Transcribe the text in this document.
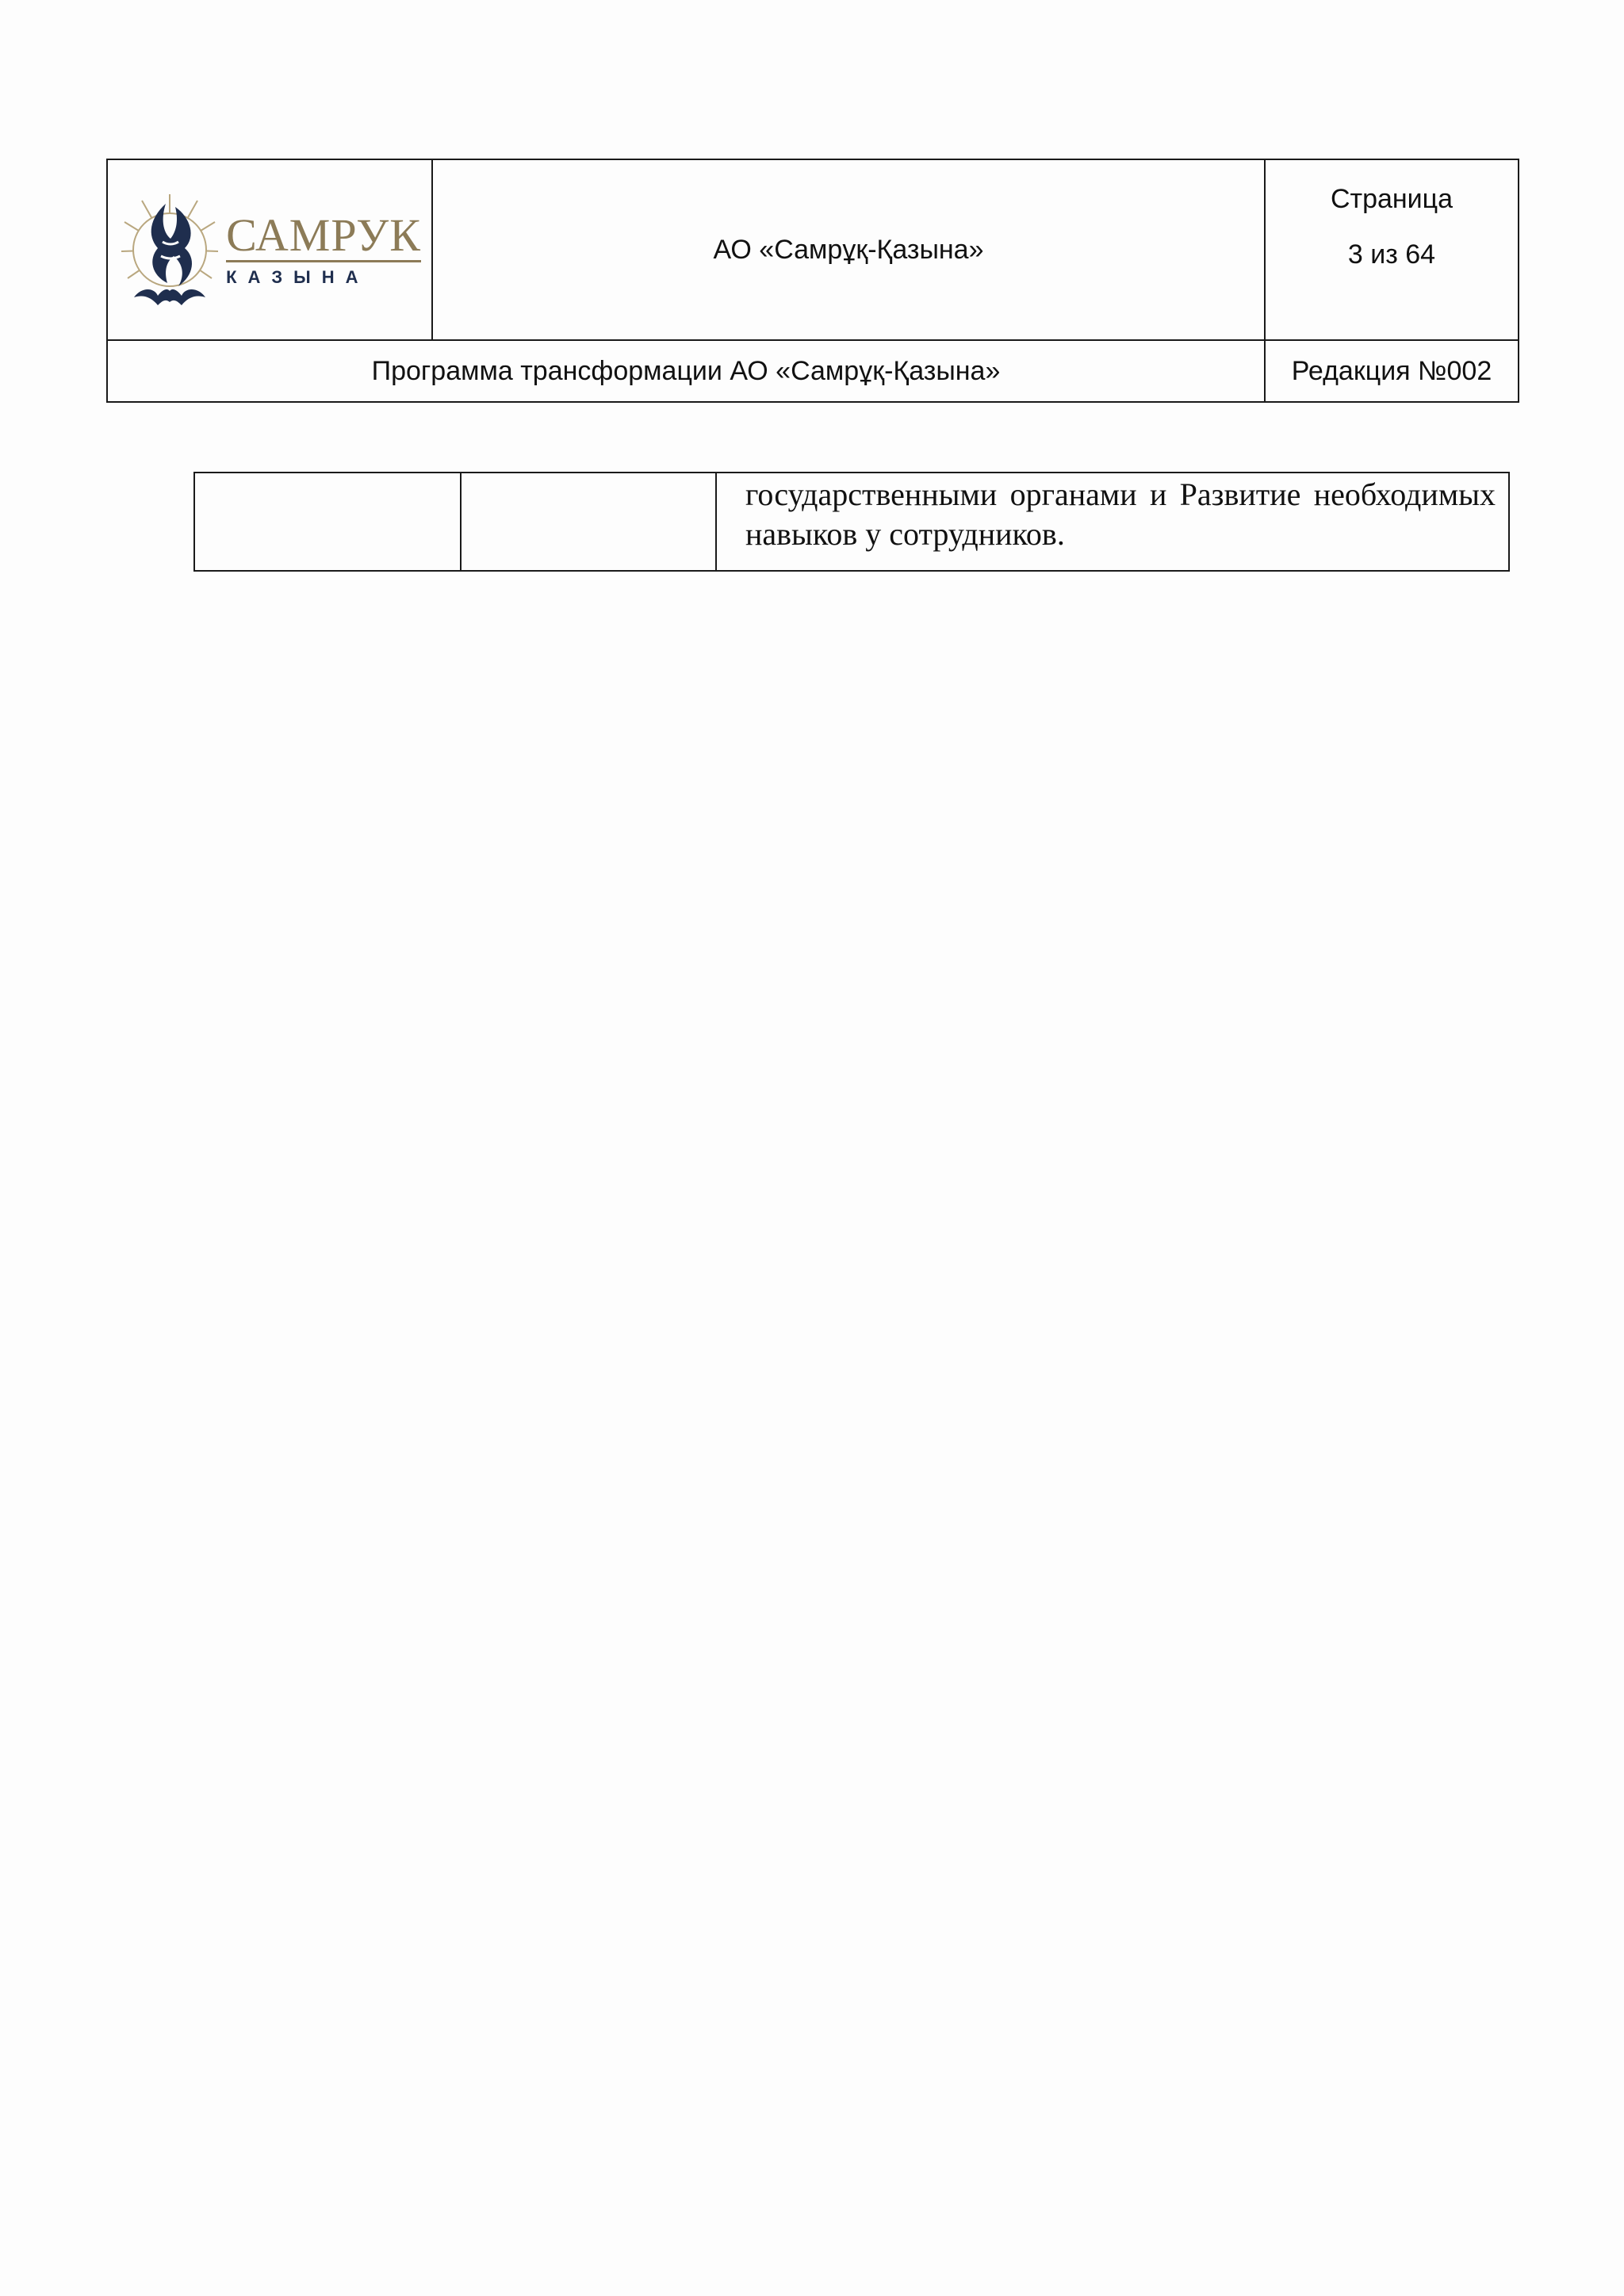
САМРУК
КАЗЫНА
АО «Самрұқ-Қазына»
Страница
3 из 64
Программа трансформации АО «Самрұқ-Қазына»	Редакция №002
государственными органами и Развитие необходимых навыков у сотрудников.
